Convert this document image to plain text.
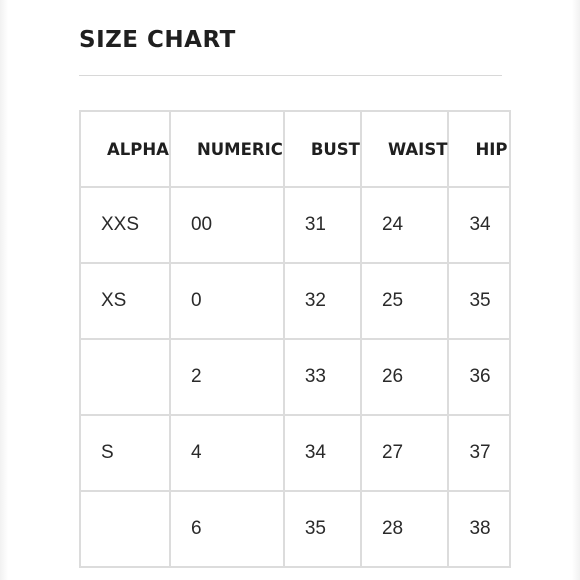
SIZE CHART
ALPHA	NUMERIC	BUST	WAIST	HIP
XXS	00	31	24	34
XS	0	32	25	35
	2	33	26	36
S	4	34	27	37
	6	35	28	38
